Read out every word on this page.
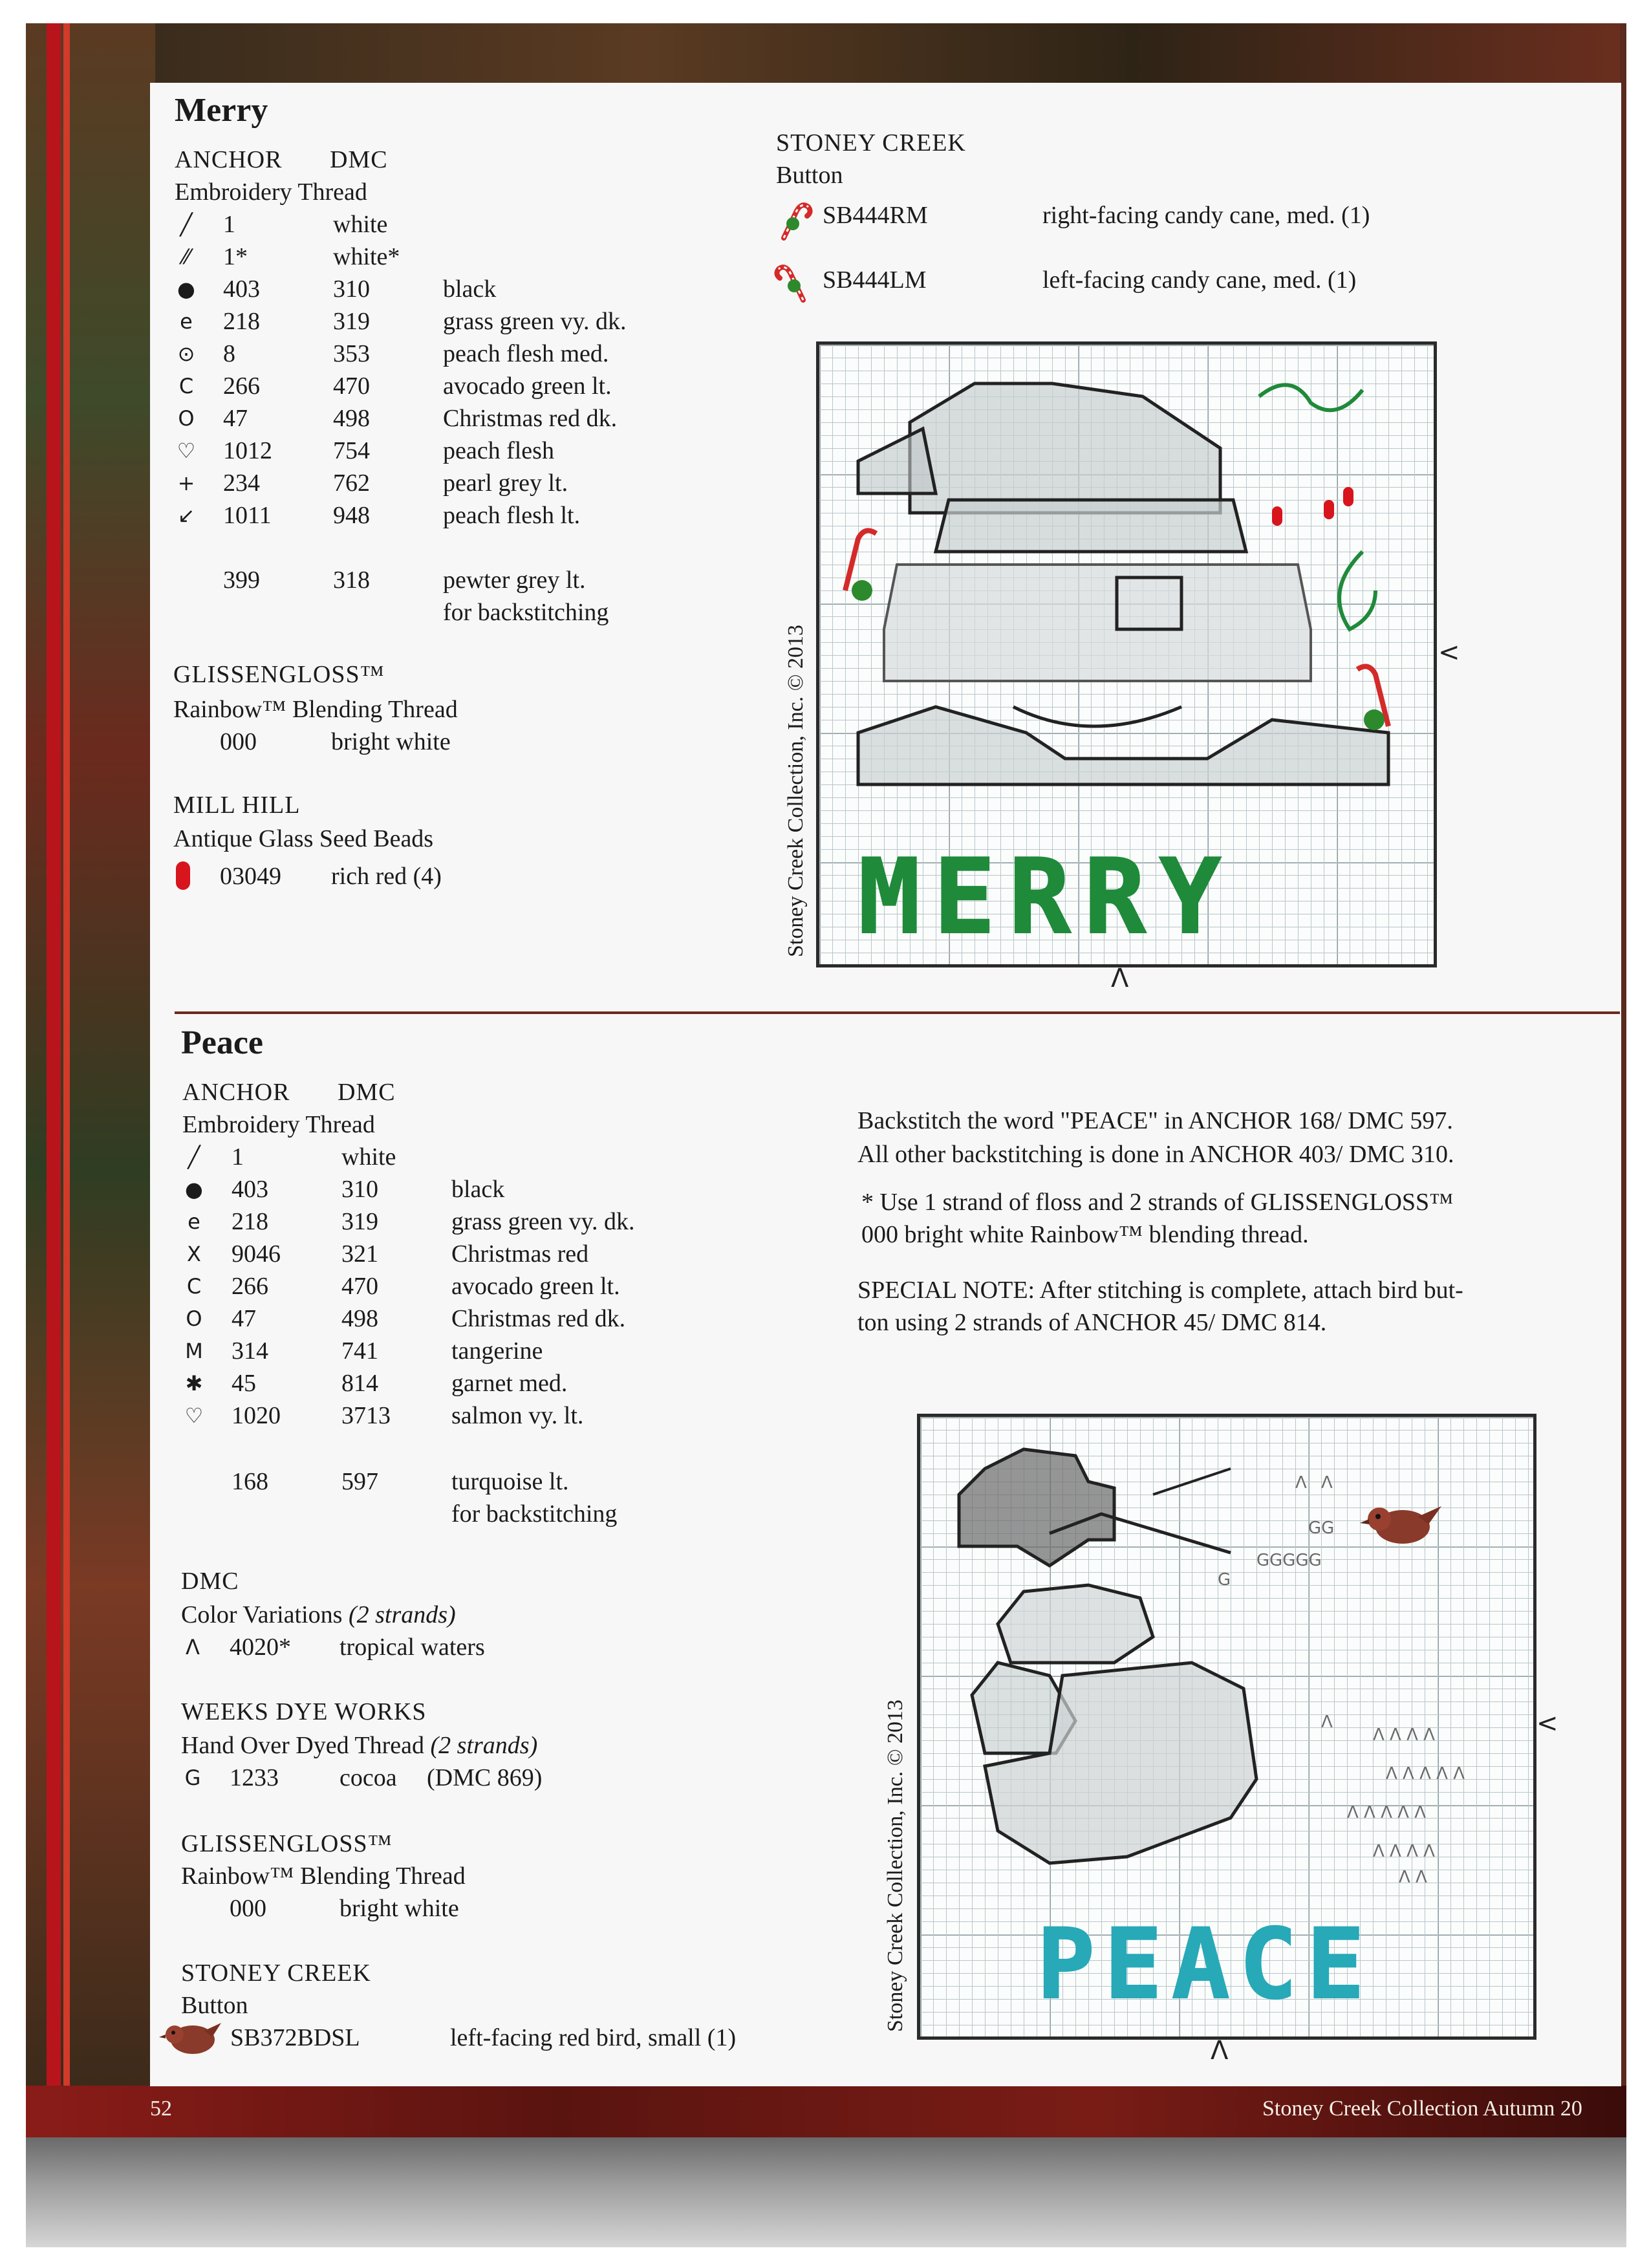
Merry
ANCHOR DMC
Embroidery Thread
╱ 1	white
⁄⁄	1*	white*
● 403	310	black
e 218	319	grass green vy. dk.
⊙ 8	353	peach flesh med.
C 266	470	avocado green lt.
O 47	498	Christmas red dk.
♡ 1012 754	peach flesh
+ 234	762	pearl grey lt.
↙ 1011	948	peach flesh lt.
399	318	pewter grey lt.
for backstitching
GLISSENGLOSS™
Rainbow™ Blending Thread
000	bright white
MILL HILL
Antique Glass Seed Beads
03049 rich red (4)
STONEY CREEK
Button
SB444RM	right-facing candy cane, med. (1)
SB444LM	left-facing candy cane, med. (1)
MERRY
Stoney Creek Collection, Inc. © 2013	<
Λ
Peace
ANCHOR DMC
Embroidery Thread
╱ 1	white
● 403	310	black
e 218	319	grass green vy. dk.
X 9046 321	Christmas red
C 266	470	avocado green lt.
O 47	498	Christmas red dk.
M 314	741	tangerine
✱ 45	814	garnet med.
♡ 1020 3713 salmon vy. lt.
168	597	turquoise lt.
for backstitching
DMC
Color Variations (2 strands)
Λ 4020* tropical waters
WEEKS DYE WORKS
Hand Over Dyed Thread (2 strands)
G 1233 cocoa (DMC 869)
GLISSENGLOSS™
Rainbow™ Blending Thread
000	bright white
STONEY CREEK
Button
SB372BDSL	left-facing red bird, small (1)
Backstitch the word "PEACE" in ANCHOR 168/ DMC 597.
All other backstitching is done in ANCHOR 403/ DMC 310.
* Use 1 strand of floss and 2 strands of GLISSENGLOSS™
000 bright white Rainbow™ blending thread.
SPECIAL NOTE: After stitching is complete, attach bird but-
ton using 2 strands of ANCHOR 45/ DMC 814.
G
GGGGG
GG
Λ Λ
Λ
Λ Λ Λ Λ
Λ Λ Λ Λ Λ
Λ Λ Λ Λ Λ
Λ Λ Λ Λ
Λ Λ
PEACE
Stoney Creek Collection, Inc. © 2013	<
Λ
52	Stoney Creek Collection Autumn 20
